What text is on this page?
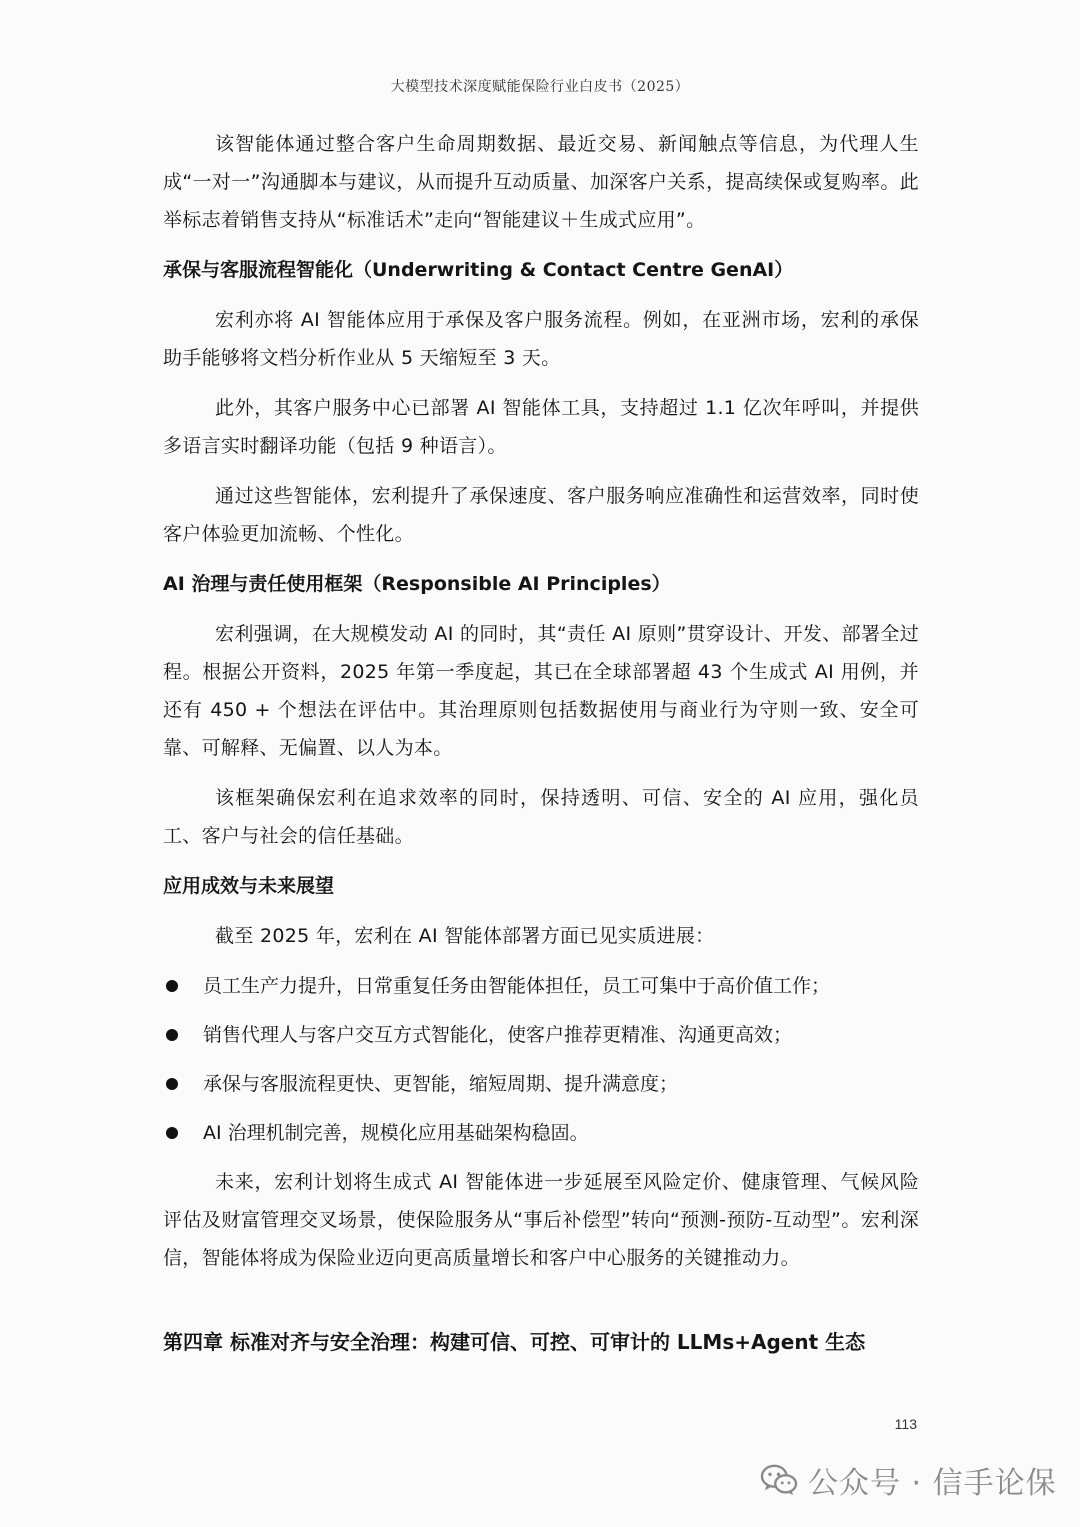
大模型技术深度赋能保险行业白皮书（2025）

该智能体通过整合客户生命周期数据、最近交易、新闻触点等信息，为代理人生成“一对一”沟通脚本与建议，从而提升互动质量、加深客户关系，提高续保或复购率。此举标志着销售支持从“标准话术”走向“智能建议＋生成式应用”。

承保与客服流程智能化（Underwriting & Contact Centre GenAI）

宏利亦将 AI 智能体应用于承保及客户服务流程。例如，在亚洲市场，宏利的承保助手能够将文档分析作业从 5 天缩短至 3 天。

此外，其客户服务中心已部署 AI 智能体工具，支持超过 1.1 亿次年呼叫，并提供多语言实时翻译功能（包括 9 种语言）。

通过这些智能体，宏利提升了承保速度、客户服务响应准确性和运营效率，同时使客户体验更加流畅、个性化。

AI 治理与责任使用框架（Responsible AI Principles）

宏利强调，在大规模发动 AI 的同时，其“责任 AI 原则”贯穿设计、开发、部署全过程。根据公开资料，2025 年第一季度起，其已在全球部署超 43 个生成式 AI 用例，并还有 450 + 个想法在评估中。其治理原则包括数据使用与商业行为守则一致、安全可靠、可解释、无偏置、以人为本。

该框架确保宏利在追求效率的同时，保持透明、可信、安全的 AI 应用，强化员工、客户与社会的信任基础。

应用成效与未来展望

截至 2025 年，宏利在 AI 智能体部署方面已见实质进展：

员工生产力提升，日常重复任务由智能体担任，员工可集中于高价值工作；
销售代理人与客户交互方式智能化，使客户推荐更精准、沟通更高效；
承保与客服流程更快、更智能，缩短周期、提升满意度；
AI 治理机制完善，规模化应用基础架构稳固。

未来，宏利计划将生成式 AI 智能体进一步延展至风险定价、健康管理、气候风险评估及财富管理交叉场景，使保险服务从“事后补偿型”转向“预测-预防-互动型”。宏利深信，智能体将成为保险业迈向更高质量增长和客户中心服务的关键推动力。

第四章 标准对齐与安全治理：构建可信、可控、可审计的 LLMs+Agent 生态
113
公众号 · 信手论保
